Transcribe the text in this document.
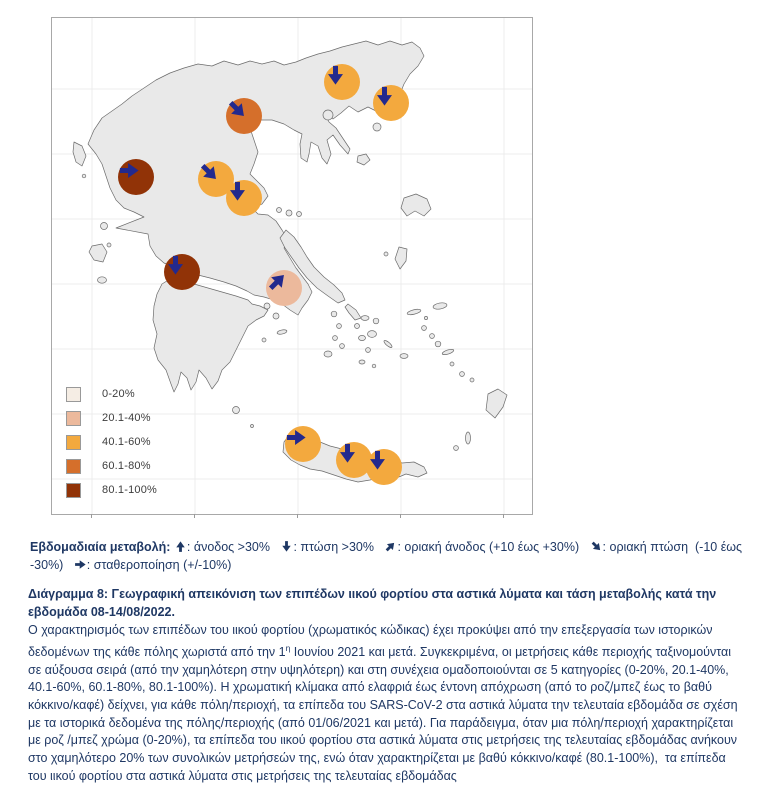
0-20%
20.1-40%
40.1-60%
60.1-80%
80.1-100%

Εβδομαδιαία μεταβολή: : άνοδος >30% : πτώση >30% : οριακή άνοδος (+10 έως +30%) : οριακή πτώση  (-10 έως -30%) : σταθεροποίηση (+/-10%)

Διάγραμμα 8: Γεωγραφική απεικόνιση των επιπέδων ιικού φορτίου στα αστικά λύματα και τάση μεταβολής κατά την εβδομάδα 08-14/08/2022.

Ο χαρακτηρισμός των επιπέδων του ιικού φορτίου (χρωματικός κώδικας) έχει προκύψει από την επεξεργασία των ιστορικών δεδομένων της κάθε πόλης χωριστά από την $1^\eta$ Ιουνίου 2021 και μετά. Συγκεκριμένα, οι μετρήσεις κάθε περιοχής ταξινομούνται σε αύξουσα σειρά (από την χαμηλότερη στην υψηλότερη) και στη συνέχεια ομαδοποιούνται σε 5 κατηγορίες (0-20%, 20.1-40%, 40.1-60%, 60.1-80%, 80.1-100%). Η χρωματική κλίμακα από ελαφριά έως έντονη απόχρωση (από το ροζ/μπεζ έως το βαθύ κόκκινο/καφέ) δείχνει, για κάθε πόλη/περιοχή, τα επίπεδα του SARS-CoV-2 στα αστικά λύματα την τελευταία εβδομάδα σε σχέση με τα ιστορικά δεδομένα της πόλης/περιοχής (από 01/06/2021 και μετά). Για παράδειγμα, όταν μια πόλη/περιοχή χαρακτηρίζεται με ροζ /μπεζ χρώμα (0-20%), τα επίπεδα του ιικού φορτίου στα αστικά λύματα στις μετρήσεις της τελευταίας εβδομάδας ανήκουν στο χαμηλότερο 20% των συνολικών μετρήσεών της, ενώ όταν χαρακτηρίζεται με βαθύ κόκκινο/καφέ (80.1-100%),  τα επίπεδα του ιικού φορτίου στα αστικά λύματα στις μετρήσεις της τελευταίας εβδομάδας
